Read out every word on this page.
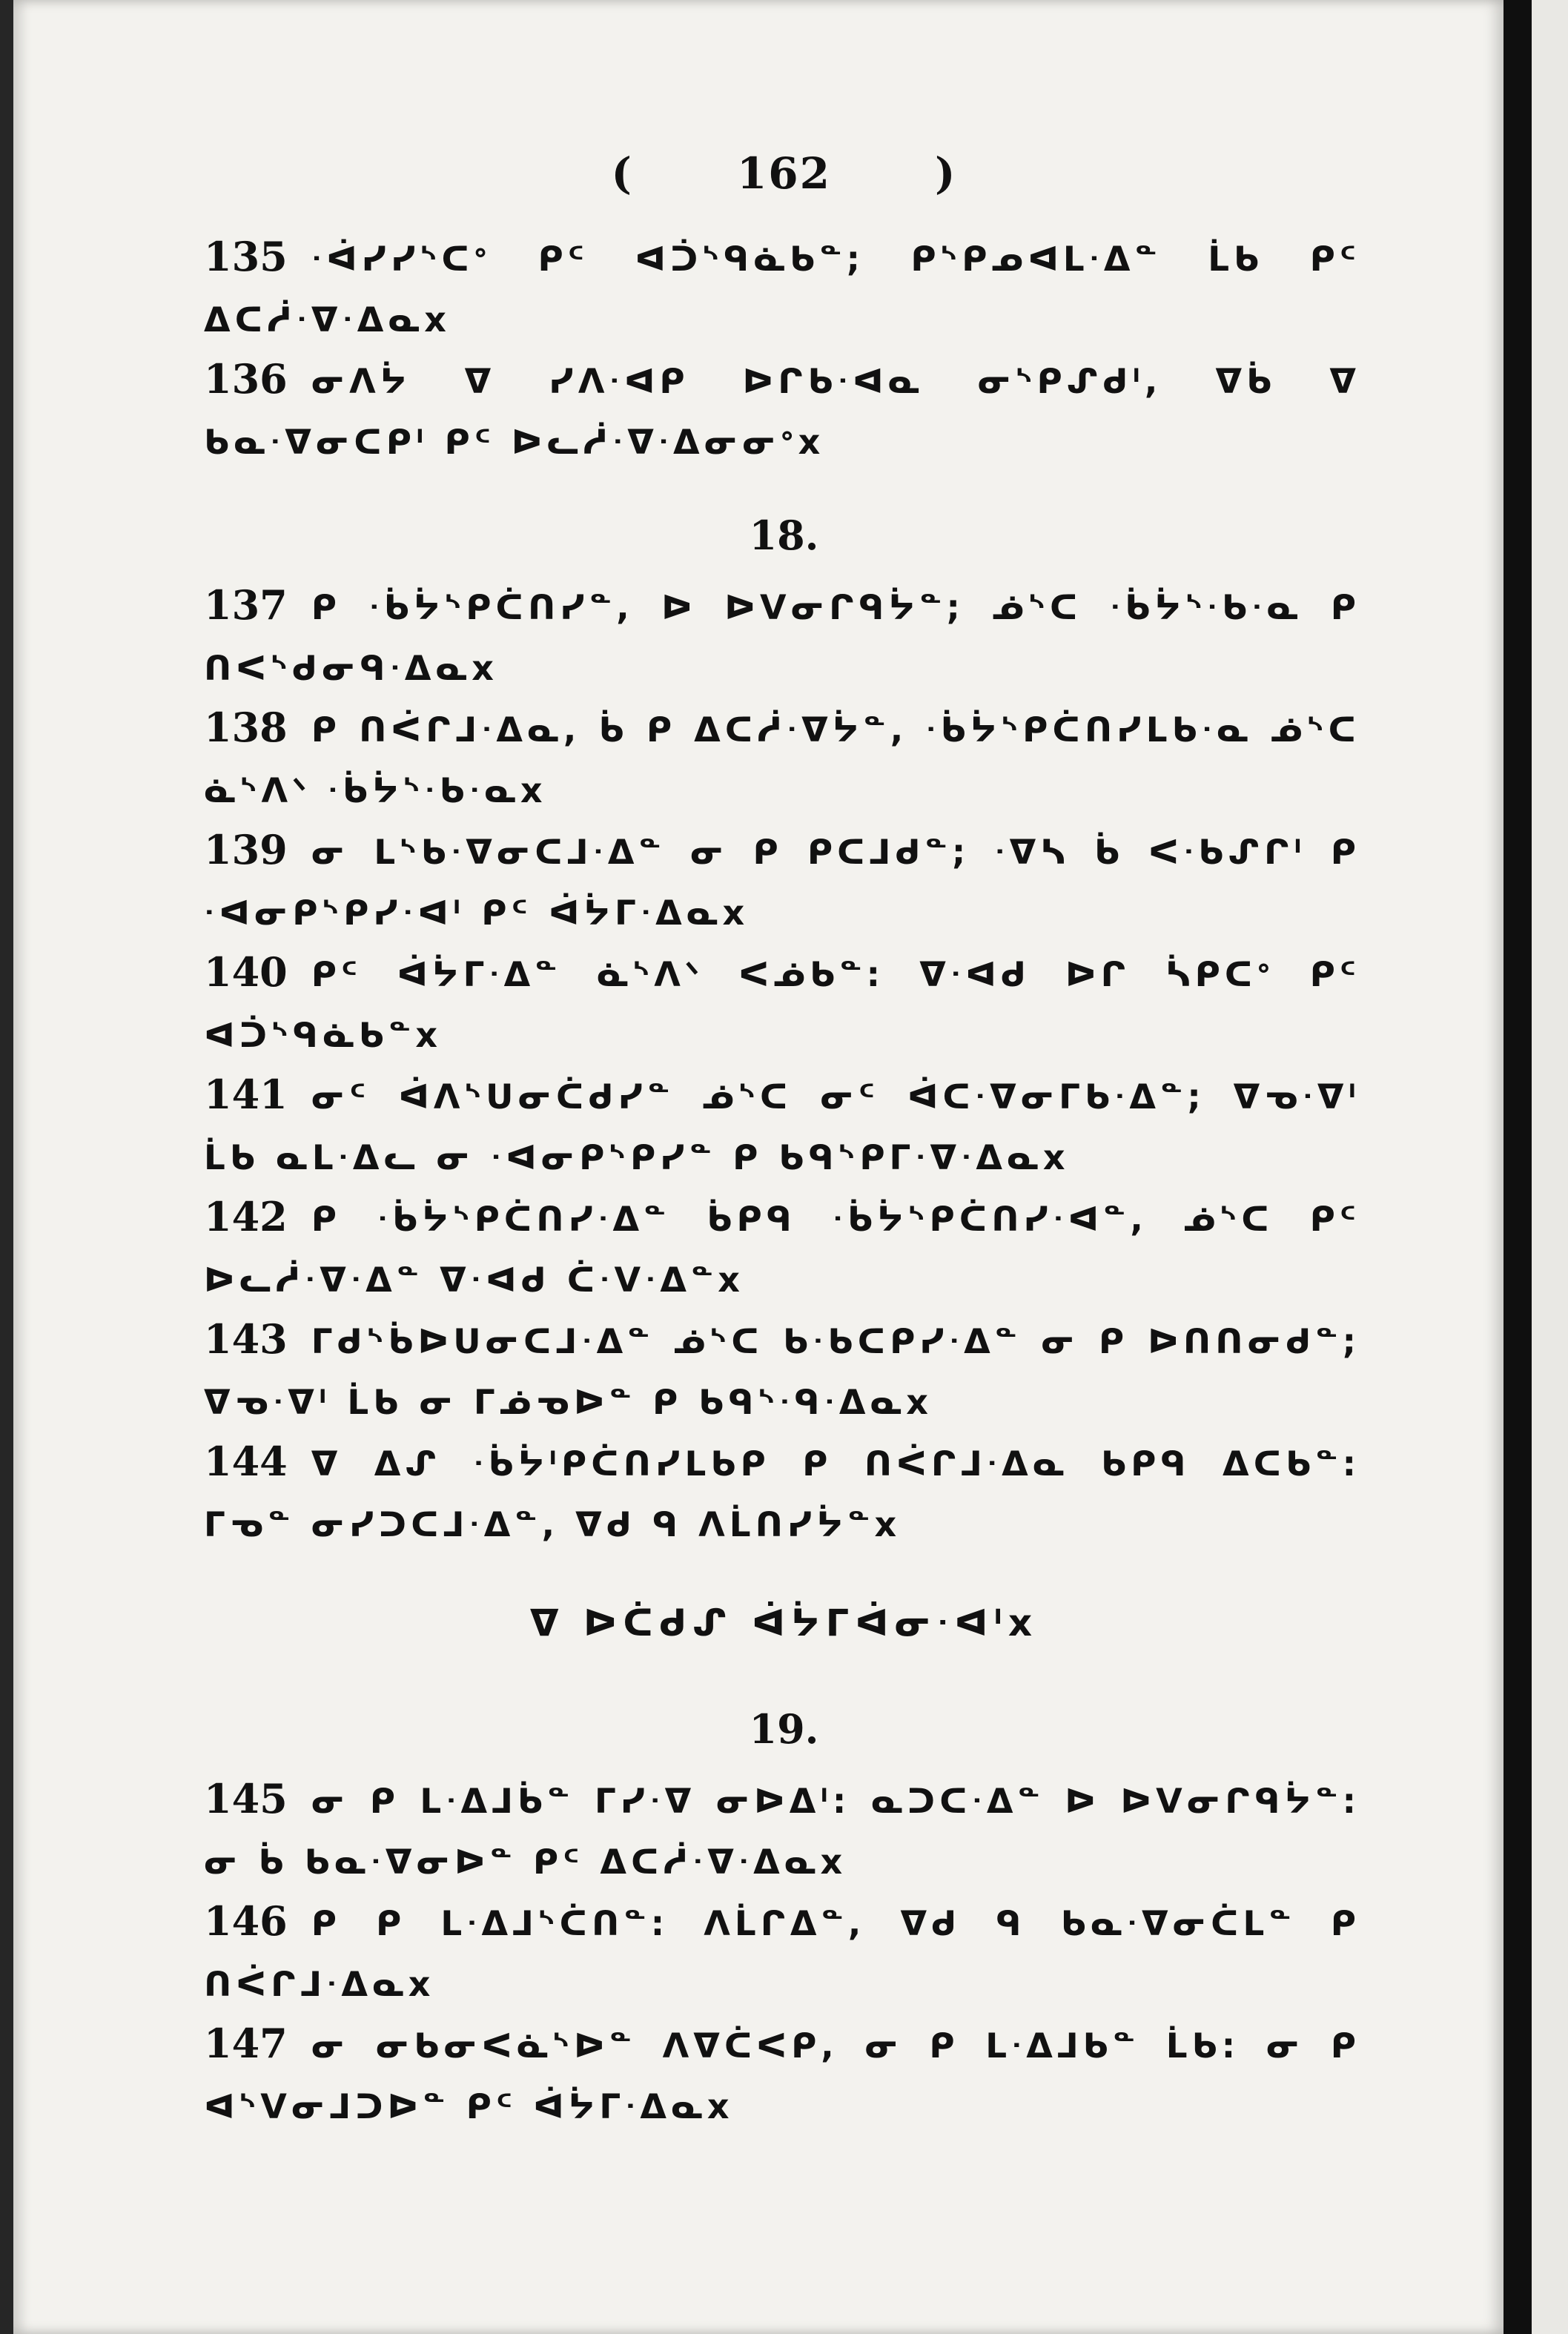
( 162 )
135 ᐧᐋᓯᓯᔅᑕᐤ ᑭᑦ ᐊᑑᔅᑫᓈᑲᓐ; ᑭᔅᑭᓄᐊᒪᐧᐃᓐ ᒫᑲ ᑭᑦ ᐃᑕᓲᐧᐁᐧᐃᓇx
136 ᓂᐱᔮ ᐁ ᓯᐱᐧᐊᑭ ᐅᒋᑲᐧᐊᓇ ᓂᔅᑭᔑᑯᑊ, ᐁᑳ ᐁ ᑲᓇᐧᐁᓂᑕᑭᑊ ᑭᑦ ᐅᓚᓲᐧᐁᐧᐃᓂᓂᐤx
18.
137 ᑭ ᐧᑳᔮᔅᑭᑖᑎᓯᓐ, ᐅ ᐅᐯᓂᒋᑫᔮᓐ; ᓅᔅᑕ ᐧᑳᔮᔅᐧᑲᐧᓇ ᑭ ᑎᐸᔅᑯᓂᑫᐧᐃᓇx
138 ᑭ ᑎᐹᒋᒧᐧᐃᓇ, ᑳ ᑭ ᐃᑕᓲᐧᐁᔮᓐ, ᐧᑳᔮᔅᑭᑖᑎᓯᒪᑲᐧᓇ ᓅᔅᑕ ᓈᔅᐱᐠ ᐧᑳᔮᔅᐧᑲᐧᓇx
139 ᓂ ᒪᔅᑲᐧᐁᓂᑕᒧᐧᐃᓐ ᓂ ᑭ ᑭᑕᒧᑯᓐ; ᐧᐁᓴ ᑳ ᐸᐧᑲᔑᒋᑊ ᑭ ᐧᐊᓂᑭᔅᑭᓯᐧᐊᑊ ᑭᑦ ᐋᔮᒥᐧᐃᓇx
140 ᑭᑦ ᐋᔮᒥᐧᐃᓐ ᓈᔅᐱᐠ ᐸᓅᑲᓐ: ᐁᐧᐊᑯ ᐅᒋ ᓵᑭᑕᐤ ᑭᑦ ᐊᑑᔅᑫᓈᑲᓐx
141 ᓂᑦ ᐋᐱᔅᑌᓂᑖᑯᓯᓐ ᓅᔅᑕ ᓂᑦ ᐋᑕᐧᐁᓂᒥᑲᐧᐃᓐ; ᐁᓀᐧᐁᑊ ᒫᑲ ᓇᒪᐧᐃᓚ ᓂ ᐧᐊᓂᑭᔅᑭᓯᓐ ᑭ ᑲᑫᔅᑭᒥᐧᐁᐧᐃᓇx
142 ᑭ ᐧᑳᔮᔅᑭᑖᑎᓯᐧᐃᓐ ᑳᑭᑫ ᐧᑳᔮᔅᑭᑖᑎᓯᐧᐊᓐ, ᓅᔅᑕ ᑭᑦ ᐅᓚᓲᐧᐁᐧᐃᓐ ᐁᐧᐊᑯ ᑖᐧᐯᐧᐃᓐx
143 ᒥᑯᔅᑳᐅᑌᓂᑕᒧᐧᐃᓐ ᓅᔅᑕ ᑲᐧᑲᑕᑭᓯᐧᐃᓐ ᓂ ᑭ ᐅᑎᑎᓂᑯᓐ; ᐁᓀᐧᐁᑊ ᒫᑲ ᓂ ᒥᓅᓀᐅᓐ ᑭ ᑲᑫᔅᐧᑫᐧᐃᓇx
144 ᐁ ᐃᔑ ᐧᑳᔮᑊᑭᑖᑎᓯᒪᑲᑭ ᑭ ᑎᐹᒋᒧᐧᐃᓇ ᑲᑭᑫ ᐃᑕᑲᓐ: ᒥᓀᓐ ᓂᓯᑐᑕᒧᐧᐃᓐ, ᐁᑯ ᑫ ᐱᒫᑎᓯᔮᓐx
ᐁ ᐅᑖᑯᔑ ᐋᔮᒥᐋᓂᐧᐊᑊx
19.
145 ᓂ ᑭ ᒪᐧᐃᒧᑳᓐ ᒥᓯᐧᐁ ᓂᐅᐃᑊ: ᓇᑐᑕᐧᐃᓐ ᐅ ᐅᐯᓂᒋᑫᔮᓐ: ᓂ ᑳ ᑲᓇᐧᐁᓂᐅᓐ ᑭᑦ ᐃᑕᓲᐧᐁᐧᐃᓇx
146 ᑭ ᑭ ᒪᐧᐃᒧᔅᑖᑎᓐ: ᐱᒫᒋᐃᓐ, ᐁᑯ ᑫ ᑲᓇᐧᐁᓂᑖᒪᓐ ᑭ ᑎᐹᒋᒧᐧᐃᓇx
147 ᓂ ᓂᑲᓂᐸᓈᔅᐅᓐ ᐱᐁᑖᐸᑭ, ᓂ ᑭ ᒪᐧᐃᒧᑲᓐ ᒫᑲ: ᓂ ᑭ ᐊᔅᐯᓂᒧᑐᐅᓐ ᑭᑦ ᐋᔮᒥᐧᐃᓇx
